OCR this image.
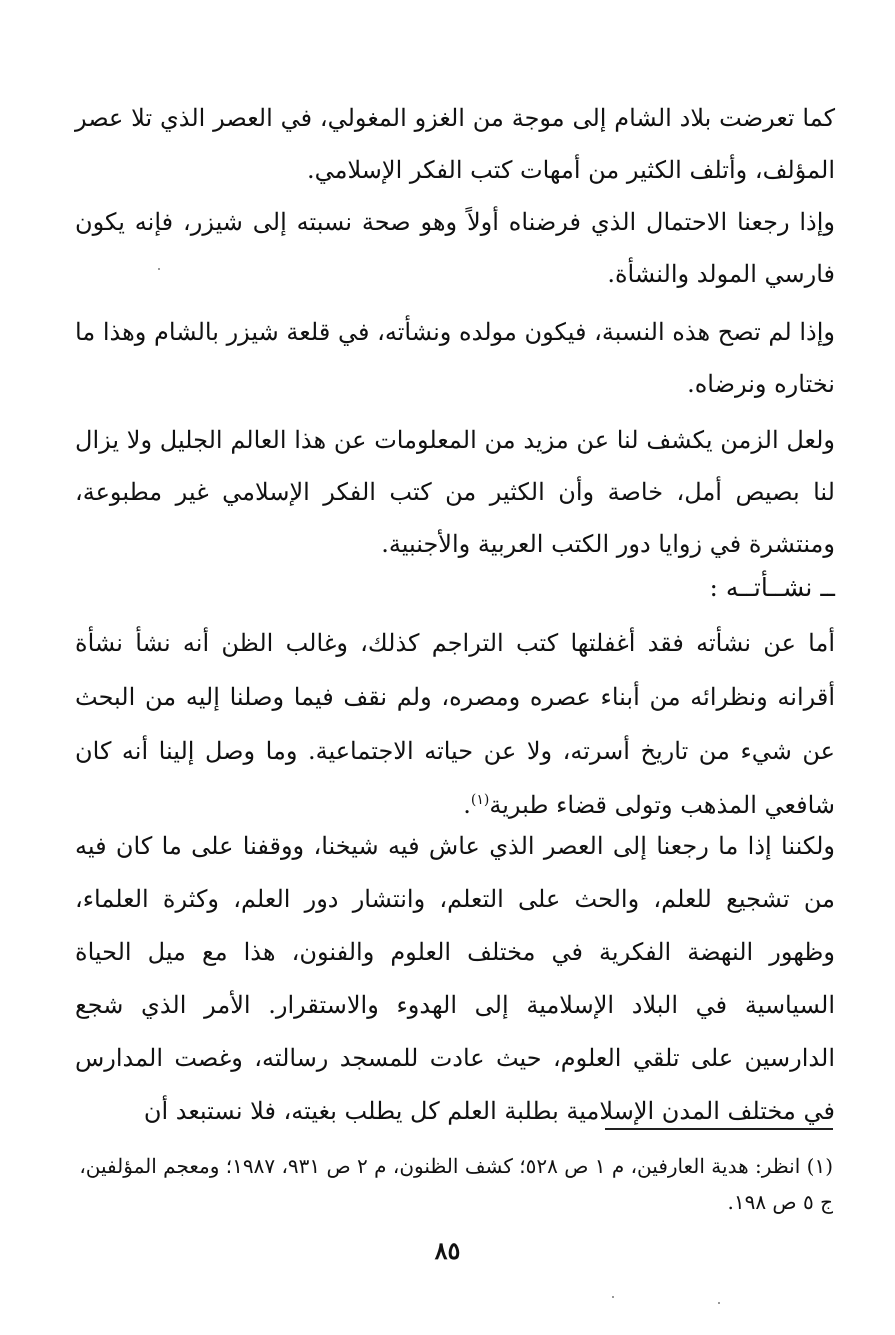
كما تعرضت بلاد الشام إلى موجة من الغزو المغولي، في العصر الذي تلا عصر المؤلف، وأتلف الكثير من أمهات كتب الفكر الإسلامي.

وإذا رجعنا الاحتمال الذي فرضناه أولاً وهو صحة نسبته إلى شيزر، فإنه يكون فارسي المولد والنشأة.

وإذا لم تصح هذه النسبة، فيكون مولده ونشأته، في قلعة شيزر بالشام وهذا ما نختاره ونرضاه.

ولعل الزمن يكشف لنا عن مزيد من المعلومات عن هذا العالم الجليل ولا يزال لنا بصيص أمل، خاصة وأن الكثير من كتب الفكر الإسلامي غير مطبوعة، ومنتشرة في زوايا دور الكتب العربية والأجنبية.

ــ نشــأتــه :

أما عن نشأته فقد أغفلتها كتب التراجم كذلك، وغالب الظن أنه نشأ نشأة أقرانه ونظرائه من أبناء عصره ومصره، ولم نقف فيما وصلنا إليه من البحث عن شيء من تاريخ أسرته، ولا عن حياته الاجتماعية. وما وصل إلينا أنه كان شافعي المذهب وتولى قضاء طبرية$^{(١)}$.

ولكننا إذا ما رجعنا إلى العصر الذي عاش فيه شيخنا، ووقفنا على ما كان فيه من تشجيع للعلم، والحث على التعلم، وانتشار دور العلم، وكثرة العلماء، وظهور النهضة الفكرية في مختلف العلوم والفنون، هذا مع ميل الحياة السياسية في البلاد الإسلامية إلى الهدوء والاستقرار. الأمر الذي شجع الدارسين على تلقي العلوم، حيث عادت للمسجد رسالته، وغصت المدارس في مختلف المدن الإسلامية بطلبة العلم كل يطلب بغيته، فلا نستبعد أن

(١) انظر: هدية العارفين، م ١ ص ٥٢٨؛ كشف الظنون، م ٢ ص ٩٣١، ١٩٨٧؛ ومعجم المؤلفين، ج ٥ ص ١٩٨.

٨٥
